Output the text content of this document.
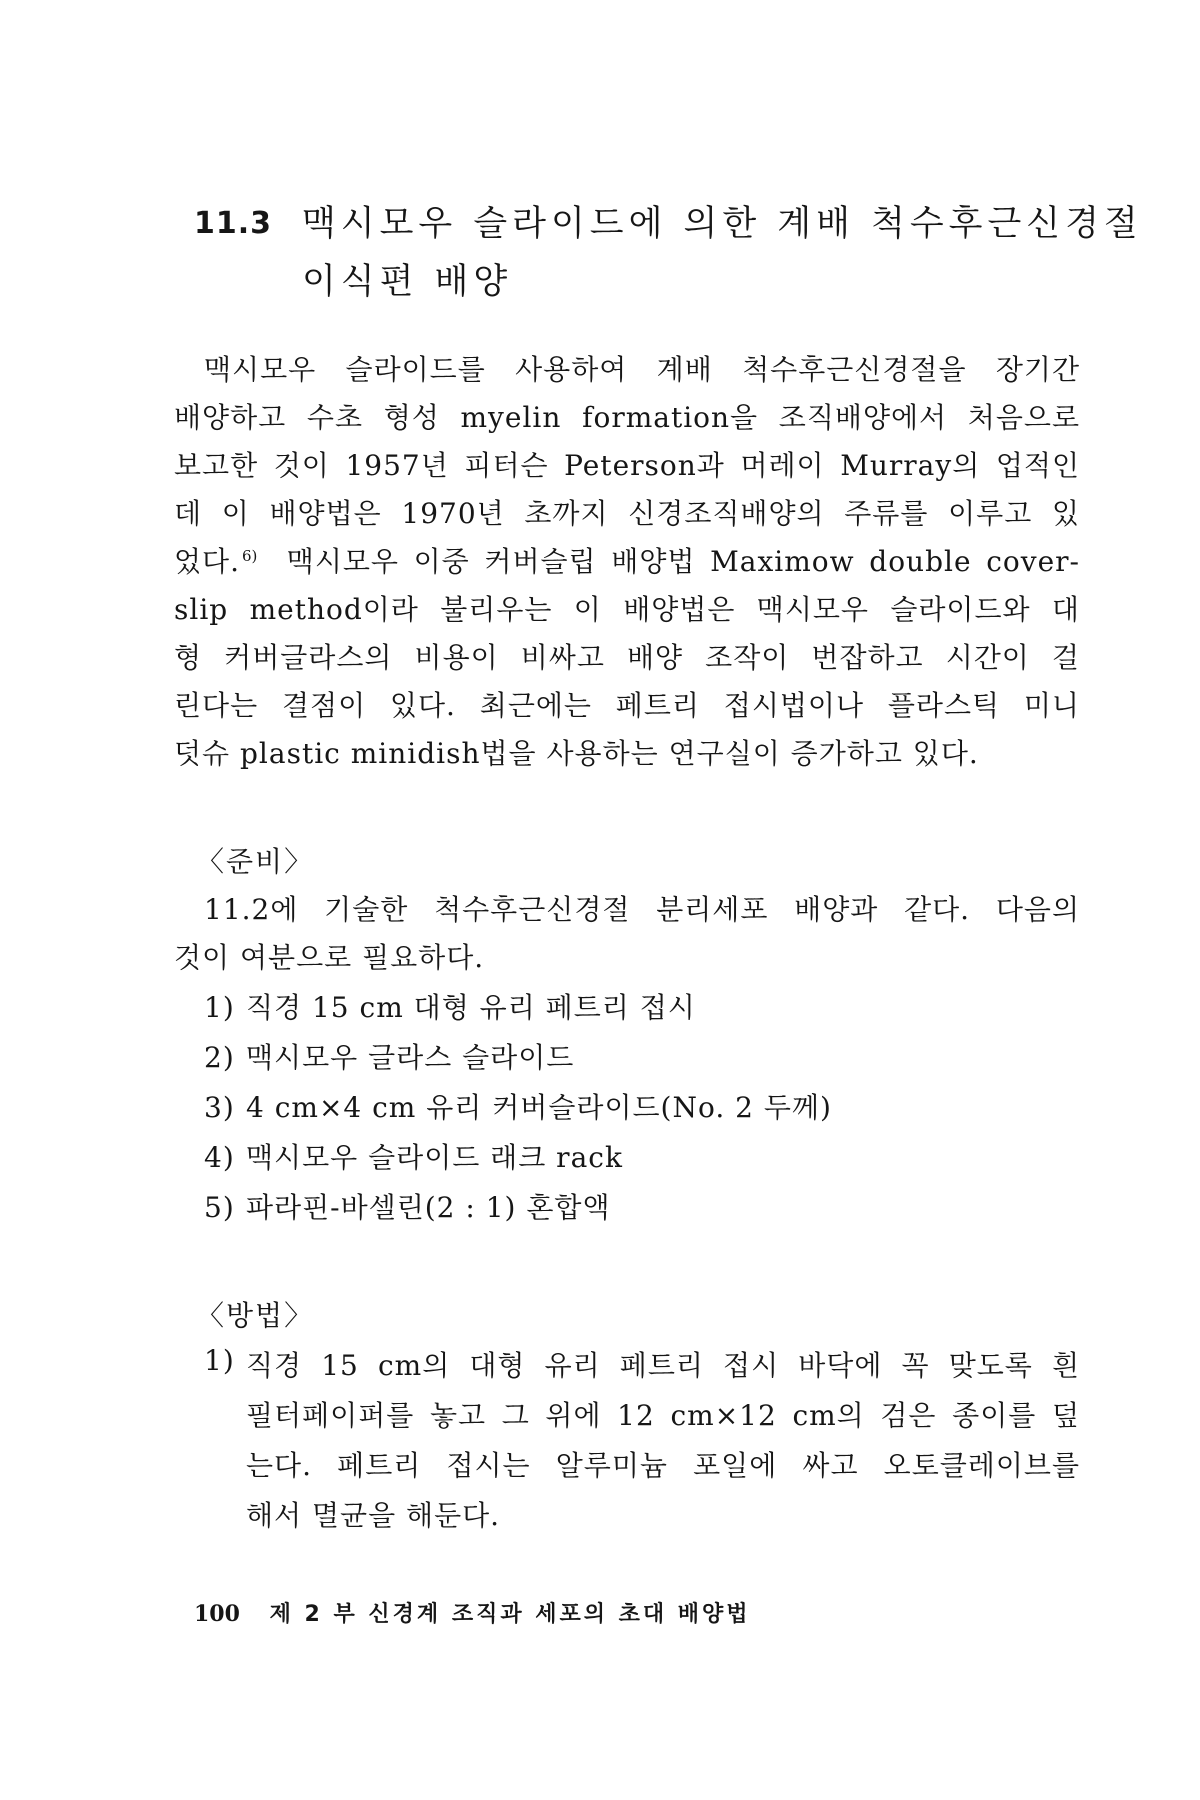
11.3 맥시모우 슬라이드에 의한 계배 척수후근신경절
이식편 배양
맥시모우 슬라이드를 사용하여 계배 척수후근신경절을 장기간
배양하고 수초 형성 myelin formation을 조직배양에서 처음으로
보고한 것이 1957년 피터슨 Peterson과 머레이 Murray의 업적인
데 이 배양법은 1970년 초까지 신경조직배양의 주류를 이루고 있
었다. $^{6)}$ 맥시모우 이중 커버슬립 배양법 Maximow double cover-
slip method이라 불리우는 이 배양법은 맥시모우 슬라이드와 대
형 커버글라스의 비용이 비싸고 배양 조작이 번잡하고 시간이 걸
린다는 결점이 있다. 최근에는 페트리 접시법이나 플라스틱 미니
덧슈 plastic minidish법을 사용하는 연구실이 증가하고 있다.
〈준비〉
11.2에 기술한 척수후근신경절 분리세포 배양과 같다. 다음의
것이 여분으로 필요하다.
1) 직경 15 cm 대형 유리 페트리 접시
2) 맥시모우 글라스 슬라이드
3) 4 cm×4 cm 유리 커버슬라이드(No. 2 두께)
4) 맥시모우 슬라이드 래크 rack
5) 파라핀-바셀린(2 : 1) 혼합액
〈방법〉
1) 직경 15 cm의 대형 유리 페트리 접시 바닥에 꼭 맞도록 흰
필터페이퍼를 놓고 그 위에 12 cm×12 cm의 검은 종이를 덮
는다. 페트리 접시는 알루미늄 포일에 싸고 오토클레이브를
해서 멸균을 해둔다.
100 제 2 부 신경계 조직과 세포의 초대 배양법
